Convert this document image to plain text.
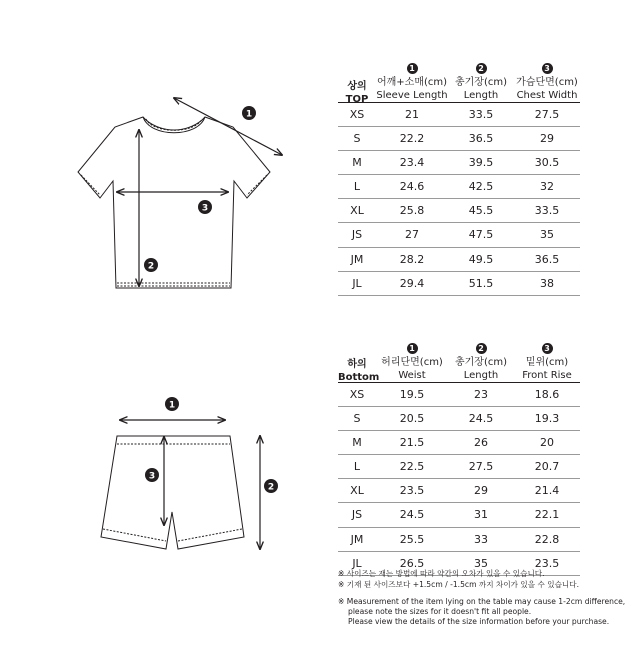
1
2
3
1
2
3
상의
TOP
1
어깨+소매(cm)
Sleeve Length
2
총기장(cm)
Length
3
가슴단면(cm)
Chest Width
XS	21	33.5	27.5
S	22.2	36.5	29
M	23.4	39.5	30.5
L	24.6	42.5	32
XL	25.8	45.5	33.5
JS	27	47.5	35
JM	28.2	49.5	36.5
JL	29.4	51.5	38
하의
Bottom
1
허리단면(cm)
Weist
2
총기장(cm)
Length
3
밑위(cm)
Front Rise
XS	19.5	23	18.6
S	20.5	24.5	19.3
M	21.5	26	20
L	22.5	27.5	20.7
XL	23.5	29	21.4
JS	24.5	31	22.1
JM	25.5	33	22.8
JL	26.5	35	23.5

※ 사이즈는 재는 방법에 따라 약간의 오차가 있을 수 있습니다.

※ 기재 된 사이즈보다 +1.5cm / -1.5cm 까지 차이가 있을 수 있습니다.

※ Measurement of the item lying on the table may cause 1-2cm difference,

please note the sizes for it doesn't fit all people.

Please view the details of the size information before your purchase.
